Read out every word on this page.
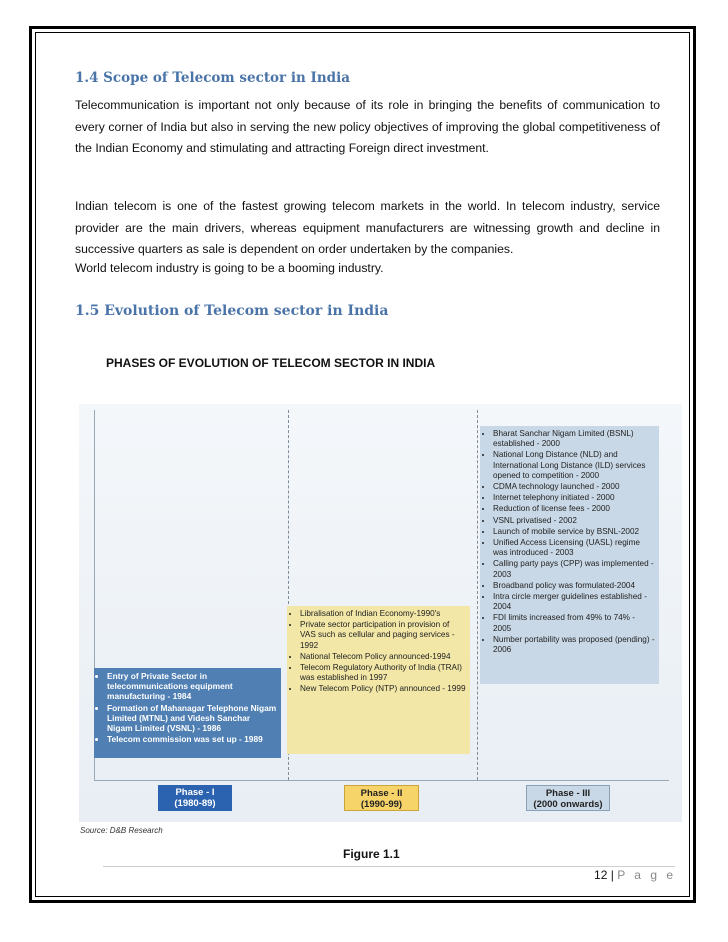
1.4 Scope of Telecom sector in India

Telecommunication is important not only because of its role in bringing the benefits of communication to every corner of India but also in serving the new policy objectives of improving the global competitiveness of the Indian Economy and stimulating and attracting Foreign direct investment.

Indian telecom is one of the fastest growing telecom markets in the world. In telecom industry, service provider are the main drivers, whereas equipment manufacturers are witnessing growth and decline in successive quarters as sale is dependent on order undertaken by the companies.

World telecom industry is going to be a booming industry.

1.5 Evolution of Telecom sector in India
PHASES OF EVOLUTION OF TELECOM SECTOR IN INDIA
• Entry of Private Sector in telecommunications equipment manufacturing - 1984
• Formation of Mahanagar Telephone Nigam Limited (MTNL) and Videsh Sanchar Nigam Limited (VSNL) - 1986
• Telecom commission was set up - 1989
• Libralisation of Indian Economy-1990's
• Private sector participation in provision of VAS such as cellular and paging services - 1992
• National Telecom Policy announced-1994
• Telecom Regulatory Authority of India (TRAI) was established in 1997
• New Telecom Policy (NTP) announced - 1999
• Bharat Sanchar Nigam Limited (BSNL) established - 2000
• National Long Distance (NLD) and International Long Distance (ILD) services opened to competition - 2000
• CDMA technology launched - 2000
• Internet telephony initiated - 2000
• Reduction of license fees - 2000
• VSNL privatised - 2002
• Launch of mobile service by BSNL-2002
• Unified Access Licensing (UASL) regime was introduced - 2003
• Calling party pays (CPP) was implemented - 2003
• Broadband policy was formulated-2004
• Intra circle merger guidelines established - 2004
• FDI limits increased from 49% to 74% - 2005
• Number portability was proposed (pending) - 2006
Phase - I
(1980-89)
Phase - II
(1990-99)
Phase - III
(2000 onwards)
Source: D&B Research
Figure 1.1
12 | P a g e
